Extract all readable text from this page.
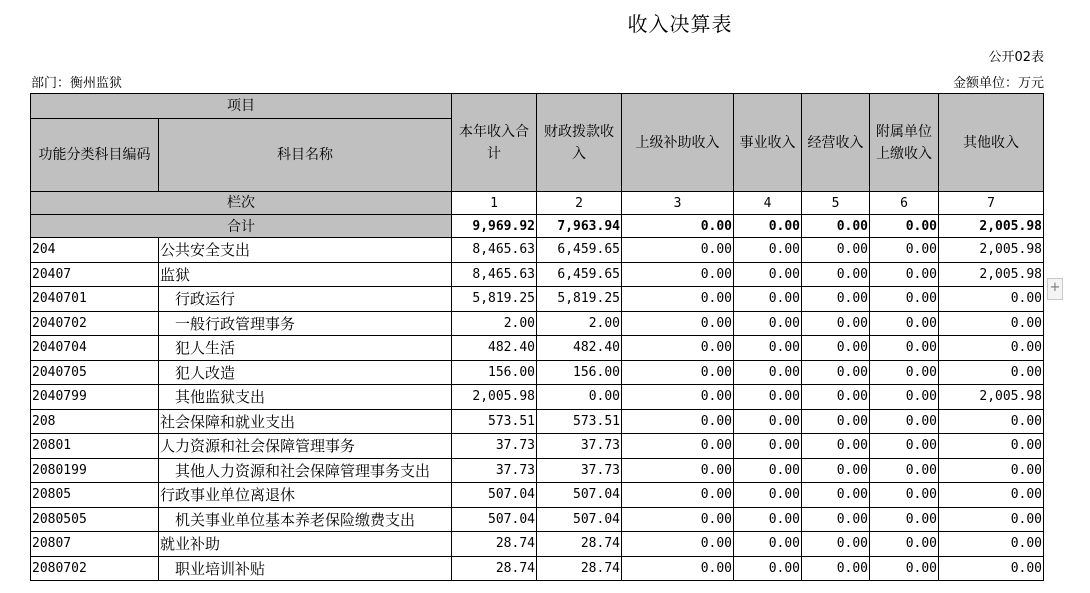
收入决算表
公开02表
部门：衡州监狱	金额单位：万元
项目		本年收入合计	财政拨款收入	上级补助收入	事业收入	经营收入	附属单位上缴收入	其他收入
功能分类科目编码	科目名称							
栏次		1	2	3	4	5	6	7
合计		9,969.92	7,963.94	0.00	0.00	0.00	0.00	2,005.98
204	公共安全支出	8,465.63	6,459.65	0.00	0.00	0.00	0.00	2,005.98
20407	监狱	8,465.63	6,459.65	0.00	0.00	0.00	0.00	2,005.98
2040701	行政运行	5,819.25	5,819.25	0.00	0.00	0.00	0.00	0.00
2040702	一般行政管理事务	2.00	2.00	0.00	0.00	0.00	0.00	0.00
2040704	犯人生活	482.40	482.40	0.00	0.00	0.00	0.00	0.00
2040705	犯人改造	156.00	156.00	0.00	0.00	0.00	0.00	0.00
2040799	其他监狱支出	2,005.98	0.00	0.00	0.00	0.00	0.00	2,005.98
208	社会保障和就业支出	573.51	573.51	0.00	0.00	0.00	0.00	0.00
20801	人力资源和社会保障管理事务	37.73	37.73	0.00	0.00	0.00	0.00	0.00
2080199	其他人力资源和社会保障管理事务支出	37.73	37.73	0.00	0.00	0.00	0.00	0.00
20805	行政事业单位离退休	507.04	507.04	0.00	0.00	0.00	0.00	0.00
2080505	机关事业单位基本养老保险缴费支出	507.04	507.04	0.00	0.00	0.00	0.00	0.00
20807	就业补助	28.74	28.74	0.00	0.00	0.00	0.00	0.00
2080702	职业培训补贴	28.74	28.74	0.00	0.00	0.00	0.00	0.00
+
